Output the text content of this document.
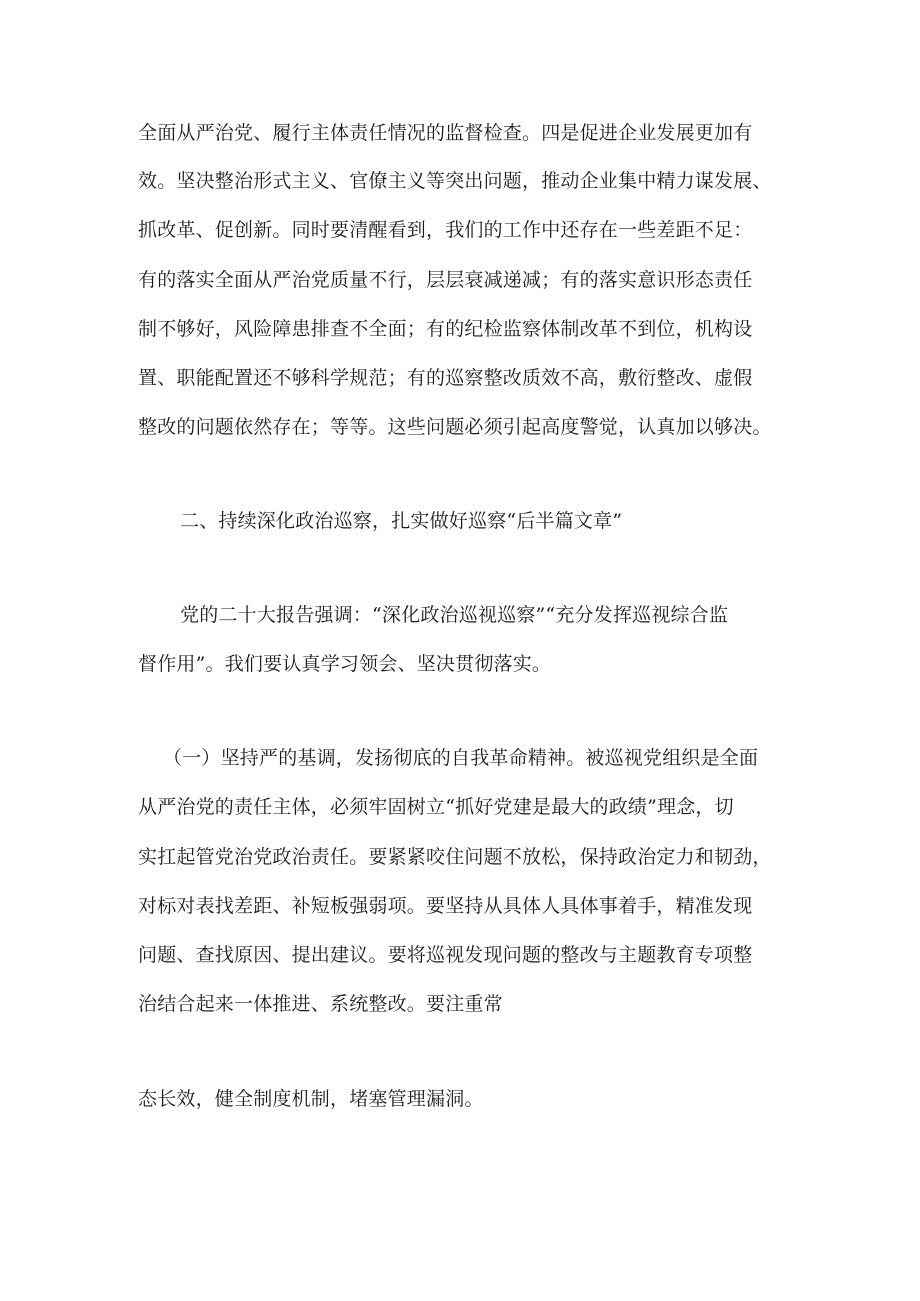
全面从严治党、履行主体责任情况的监督检查。四是促进企业发展更加有
效。坚决整治形式主义、官僚主义等突出问题，推动企业集中精力谋发展、
抓改革、促创新。同时要清醒看到，我们的工作中还存在一些差距不足：
有的落实全面从严治党质量不行，层层衰减递减；有的落实意识形态责任
制不够好，风险障患排查不全面；有的纪检监察体制改革不到位，机构设
置、职能配置还不够科学规范；有的巡察整改质效不高，敷衍整改、虚假
整改的问题依然存在；等等。这些问题必须引起高度警觉，认真加以够决。
二、持续深化政治巡察，扎实做好巡察“后半篇文章”
党的二十大报告强调：“深化政治巡视巡察”“充分发挥巡视综合监
督作用”。我们要认真学习领会、坚决贯彻落实。
（一）坚持严的基调，发扬彻底的自我革命精神。被巡视党组织是全面
从严治党的责任主体，必须牢固树立“抓好党建是最大的政绩”理念，切
实扛起管党治党政治责任。要紧紧咬住问题不放松，保持政治定力和韧劲，
对标对表找差距、补短板强弱项。要坚持从具体人具体事着手，精准发现
问题、查找原因、提出建议。要将巡视发现问题的整改与主题教育专项整
治结合起来一体推进、系统整改。要注重常
态长效，健全制度机制，堵塞管理漏洞。
